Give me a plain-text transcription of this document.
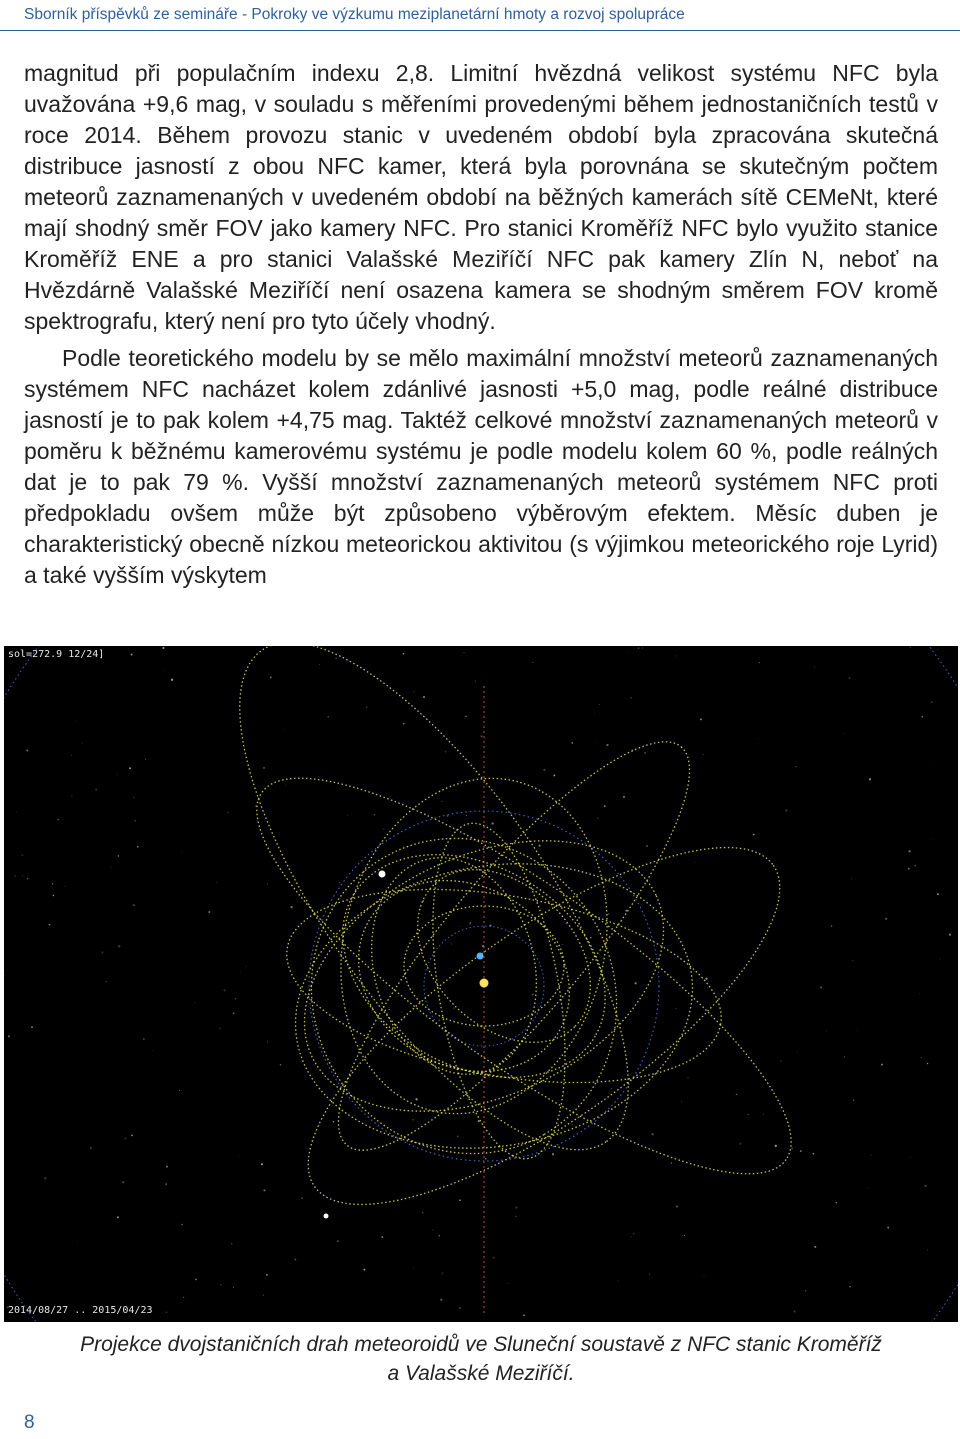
Sborník příspěvků ze semináře - Pokroky ve výzkumu meziplanetární hmoty a rozvoj spolupráce

magnitud při populačním indexu 2,8. Limitní hvězdná velikost systému NFC byla uvažována +9,6 mag, v souladu s měřeními provedenými během jednostaničních testů v roce 2014. Během provozu stanic v uvedeném období byla zpracována skutečná distribuce jasností z obou NFC kamer, která byla porovnána se skutečným počtem meteorů zaznamenaných v uvedeném období na běžných kamerách sítě CEMeNt, které mají shodný směr FOV jako kamery NFC. Pro stanici Kroměříž NFC bylo využito stanice Kroměříž ENE a pro stanici Valašské Meziříčí NFC pak kamery Zlín N, neboť na Hvězdárně Valašské Meziříčí není osazena kamera se shodným směrem FOV kromě spektrografu, který není pro tyto účely vhodný.

Podle teoretického modelu by se mělo maximální množství meteorů zaznamenaných systémem NFC nacházet kolem zdánlivé jasnosti +5,0 mag, podle reálné distribuce jasností je to pak kolem +4,75 mag. Taktéž celkové množství zaznamenaných meteorů v poměru k běžnému kamerovému systému je podle modelu kolem 60 %, podle reálných dat je to pak 79 %. Vyšší množství zaznamenaných meteorů systémem NFC proti předpokladu ovšem může být způsobeno výběrovým efektem. Měsíc duben je charakteristický obecně nízkou meteorickou aktivitou (s výjimkou meteorického roje Lyrid) a také vyšším výskytem

sol=272.9 12/24]
2014/08/27 .. 2015/04/23
Projekce dvojstaničních drah meteoroidů ve Sluneční soustavě z NFC stanic Kroměříž
a Valašské Meziříčí.
8
